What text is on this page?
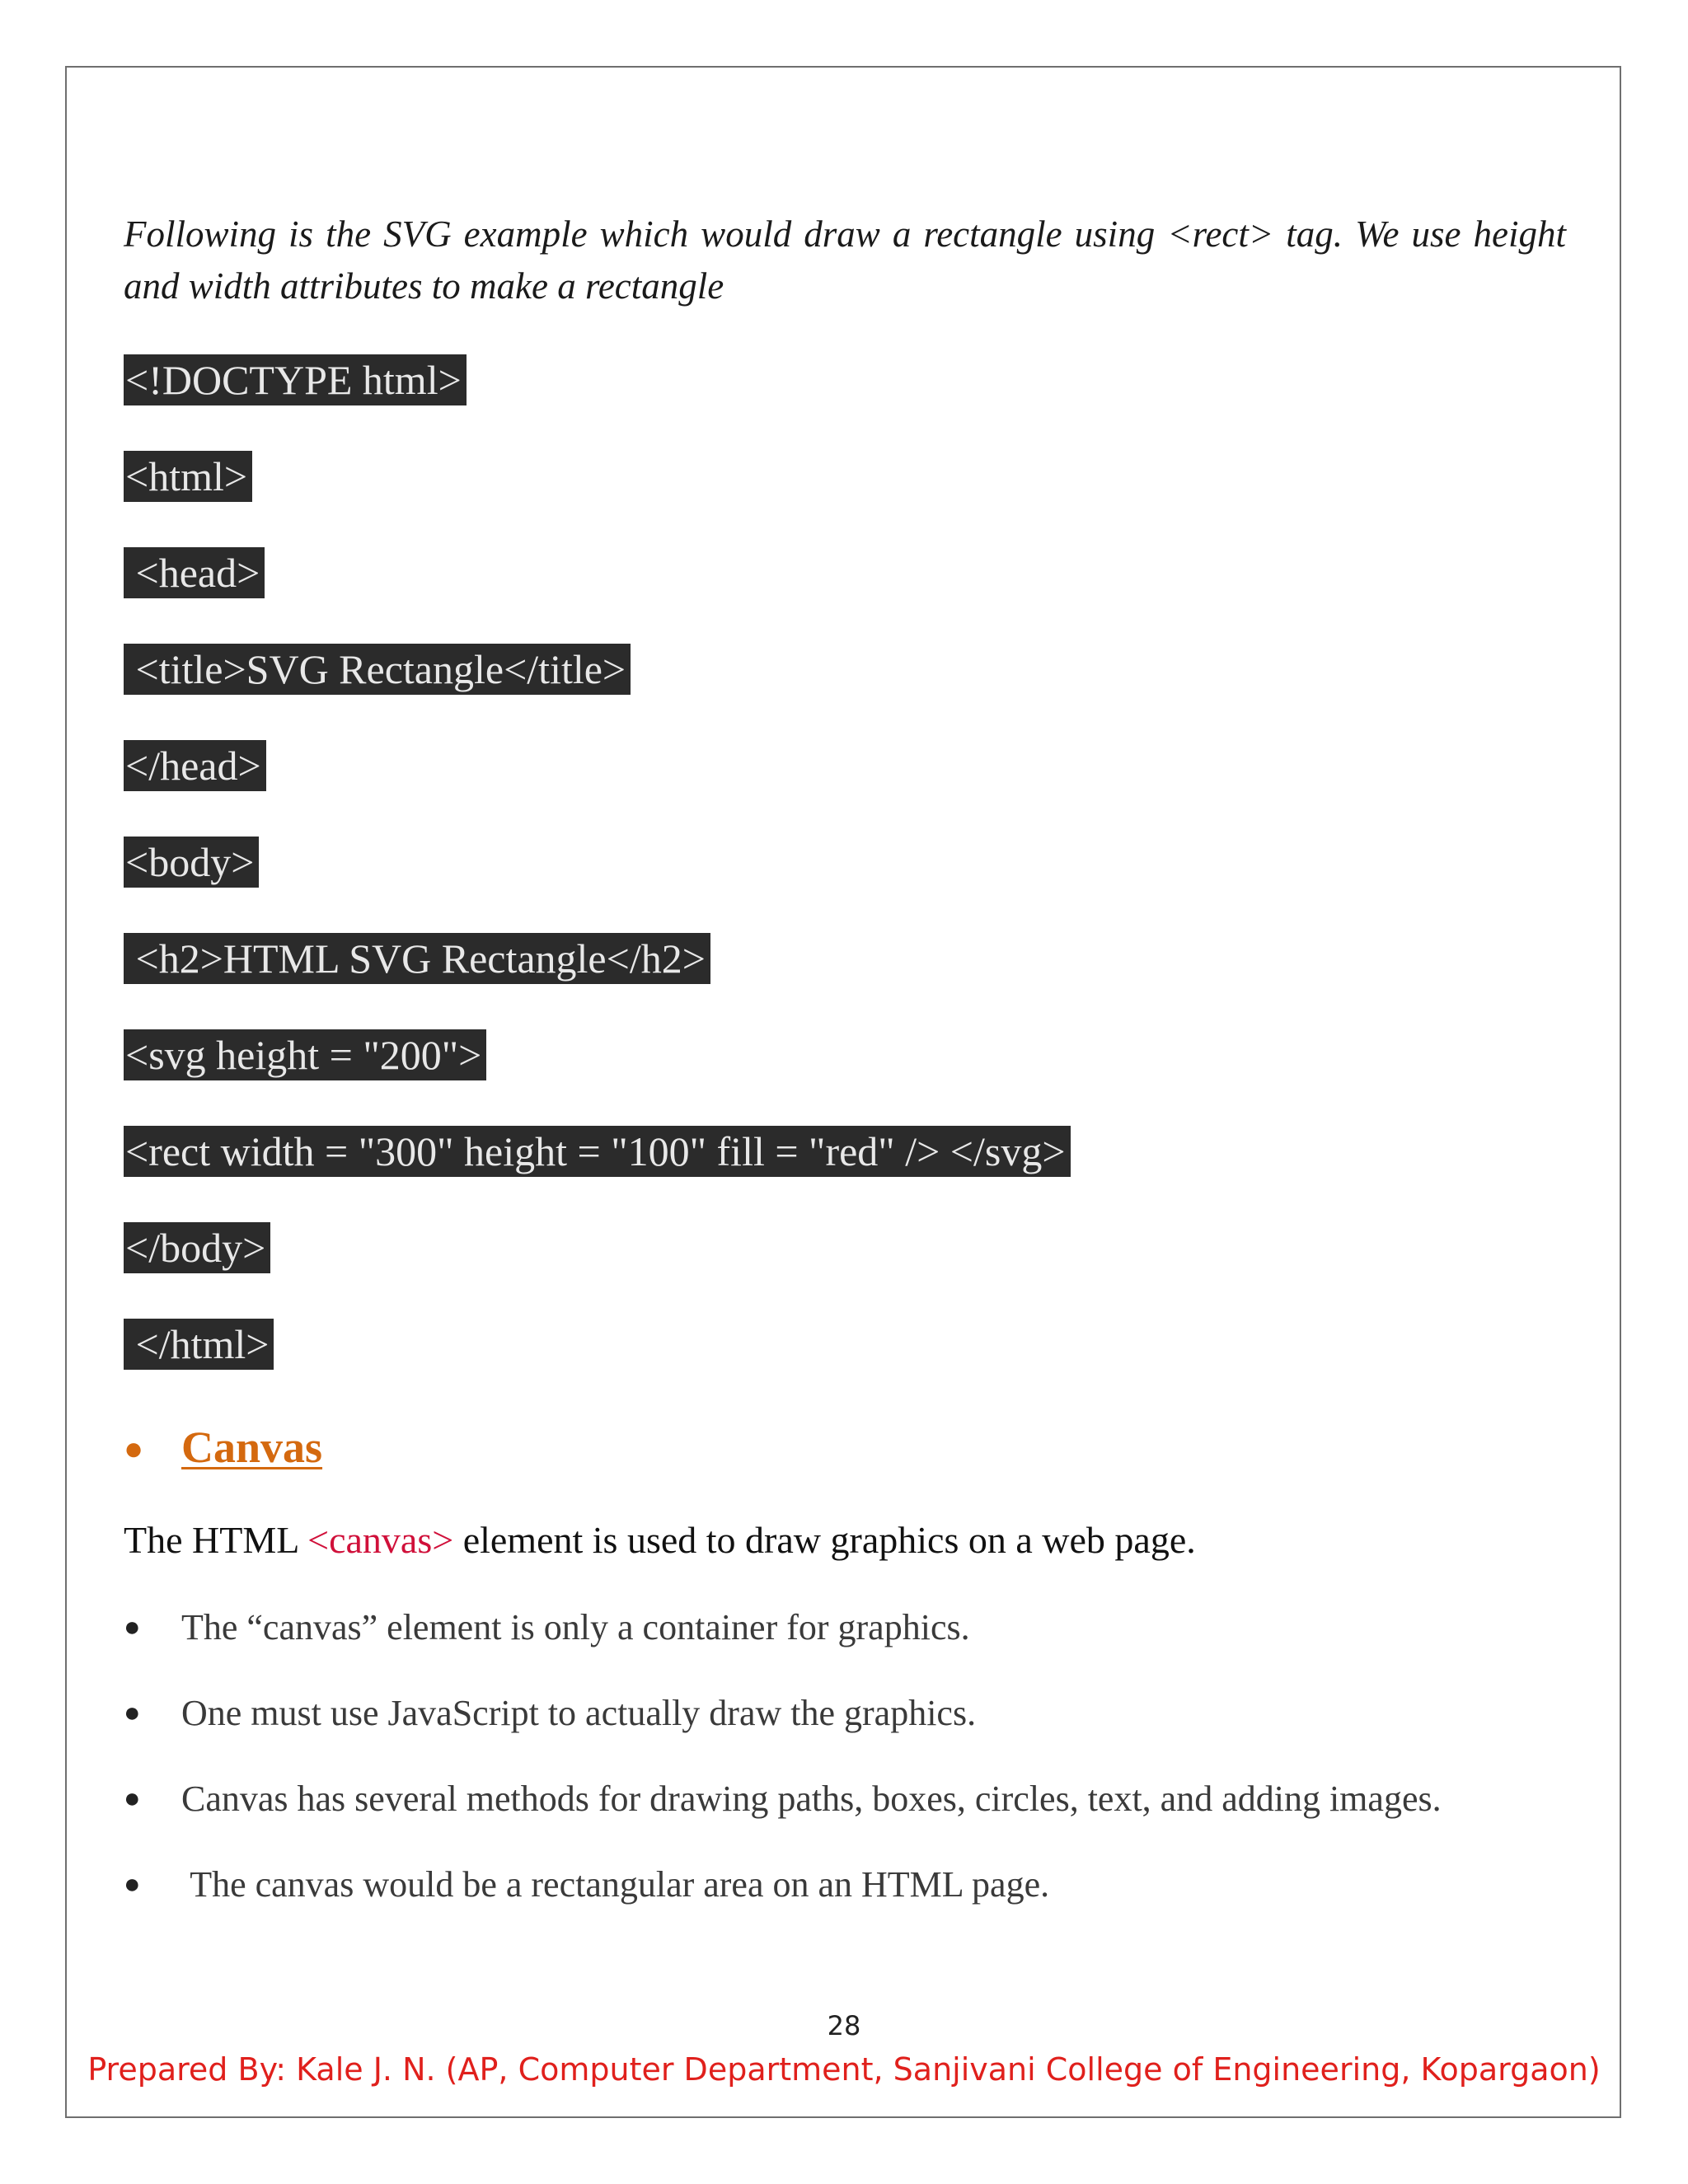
Following is the SVG example which would draw a rectangle using <rect> tag. We use height and width attributes to make a rectangle

<!DOCTYPE html>
<html>
<head>
<title>SVG Rectangle</title>
</head>
<body>
<h2>HTML SVG Rectangle</h2>
<svg height = "200">
<rect width = "300" height = "100" fill = "red" /> </svg>
</body>
</html>
● Canvas

The HTML <canvas> element is used to draw graphics on a web page.

● The “canvas” element is only a container for graphics.
● One must use JavaScript to actually draw the graphics.
● Canvas has several methods for drawing paths, boxes, circles, text, and adding images.
● The canvas would be a rectangular area on an HTML page.
28
Prepared By: Kale J. N. (AP, Computer Department, Sanjivani College of Engineering, Kopargaon)
